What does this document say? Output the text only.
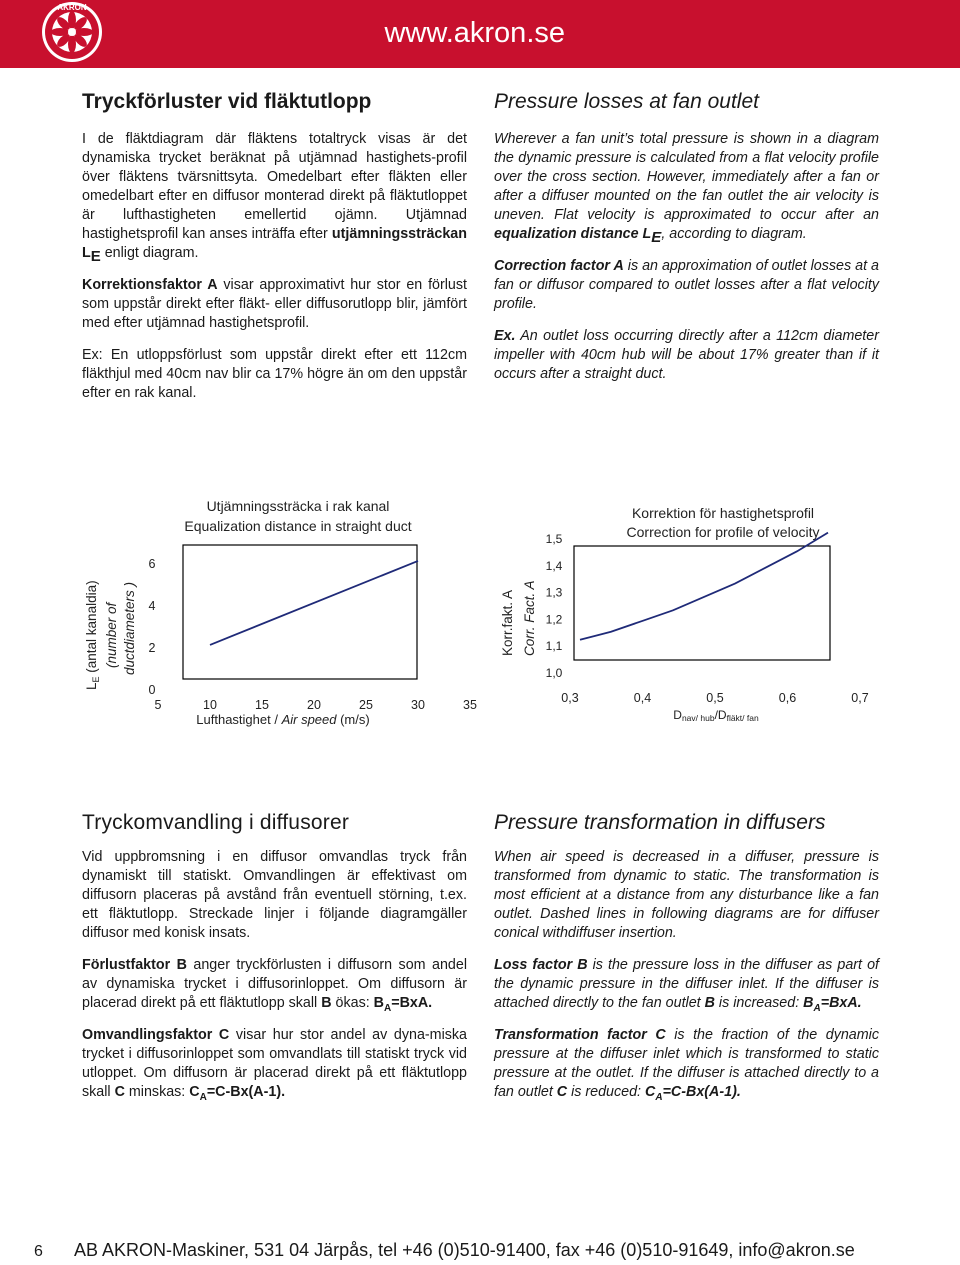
AKRON
www.akron.se
Tryckförluster vid fläktutlopp

I de fläktdiagram där fläktens totaltryck visas är det dynamiska trycket beräknat på utjämnad hastighets-profil över fläktens tvärsnittsyta. Omedelbart efter fläkten eller omedelbart efter en diffusor monterad direkt på fläktutloppet är lufthastigheten emellertid ojämn. Utjämnad hastighetsprofil kan anses inträffa efter utjämningssträckan LE enligt diagram.

Korrektionsfaktor A visar approximativt hur stor en förlust som uppstår direkt efter fläkt- eller diffusorutlopp blir, jämfört med efter utjämnad hastighetsprofil.

Ex: En utloppsförlust som uppstår direkt efter ett 112cm fläkthjul med 40cm nav blir ca 17% högre än om den uppstår efter en rak kanal.

Pressure losses at fan outlet

Wherever a fan unit’s total pressure is shown in a diagram the dynamic pressure is calculated from a flat velocity profile over the cross section. However, immediately after a fan or after a diffuser mounted on the fan outlet the air velocity is uneven. Flat velocity is approximated to occur after an equalization distance LE, according to diagram.

Correction factor A is an approximation of outlet losses at a fan or diffusor compared to outlet losses after a flat velocity profile.

Ex. An outlet loss occurring directly after a 112cm diameter impeller with 40cm hub will be about 17% greater than if it occurs after a straight duct.

Utjämningssträcka i rak kanal
Equalization distance in straight duct
$L_E$ (antal kanaldia) (number of ductdiameters )
0
2
4
6
5	10	15	20	25	30	35
Lufthastighet / Air speed (m/s)
Korrektion för hastighetsprofil
Correction for profile of velocity
Korr.fakt. A Corr. Fact. A
1,0
1,1
1,2
1,3
1,4
1,5
0,3	0,4	0,5	0,6	0,7
Dnav/ hub/Dfläkt/ fan
Tryckomvandling i diffusorer

Vid uppbromsning i en diffusor omvandlas tryck från dynamiskt till statiskt. Omvandlingen är effektivast om diffusorn placeras på avstånd från eventuell störning, t.ex. ett fläktutlopp. Streckade linjer i följande diagramgäller diffusor med konisk insats.

Förlustfaktor B anger tryckförlusten i diffusorn som andel av dynamiska trycket i diffusorinloppet. Om diffusorn är placerad direkt på ett fläktutlopp skall B ökas: $B_A=BxA$.

Omvandlingsfaktor C visar hur stor andel av dyna-miska trycket i diffusorinloppet som omvandlats till statiskt tryck vid utloppet. Om diffusorn är placerad direkt på ett fläktutlopp skall C minskas: $C_A=C-Bx(A-1)$.

Pressure transformation in diffusers

When air speed is decreased in a diffuser, pressure is transformed from dynamic to static. The transformation is most efficient at a distance from any disturbance like a fan outlet. Dashed lines in following diagrams are for diffuser conical withdiffuser insertion.

Loss factor B is the pressure loss in the diffuser as part of the dynamic pressure in the diffuser inlet. If the diffuser is attached directly to the fan outlet B is increased: $B_A=BxA$.

Transformation factor C is the fraction of the dynamic pressure at the diffuser inlet which is transformed to static pressure at the outlet. If the diffuser is attached directly to a fan outlet C is reduced: $C_A=C-Bx(A-1)$.

6 AB AKRON-Maskiner, 531 04 Järpås, tel +46 (0)510-91400, fax +46 (0)510-91649, info@akron.se
